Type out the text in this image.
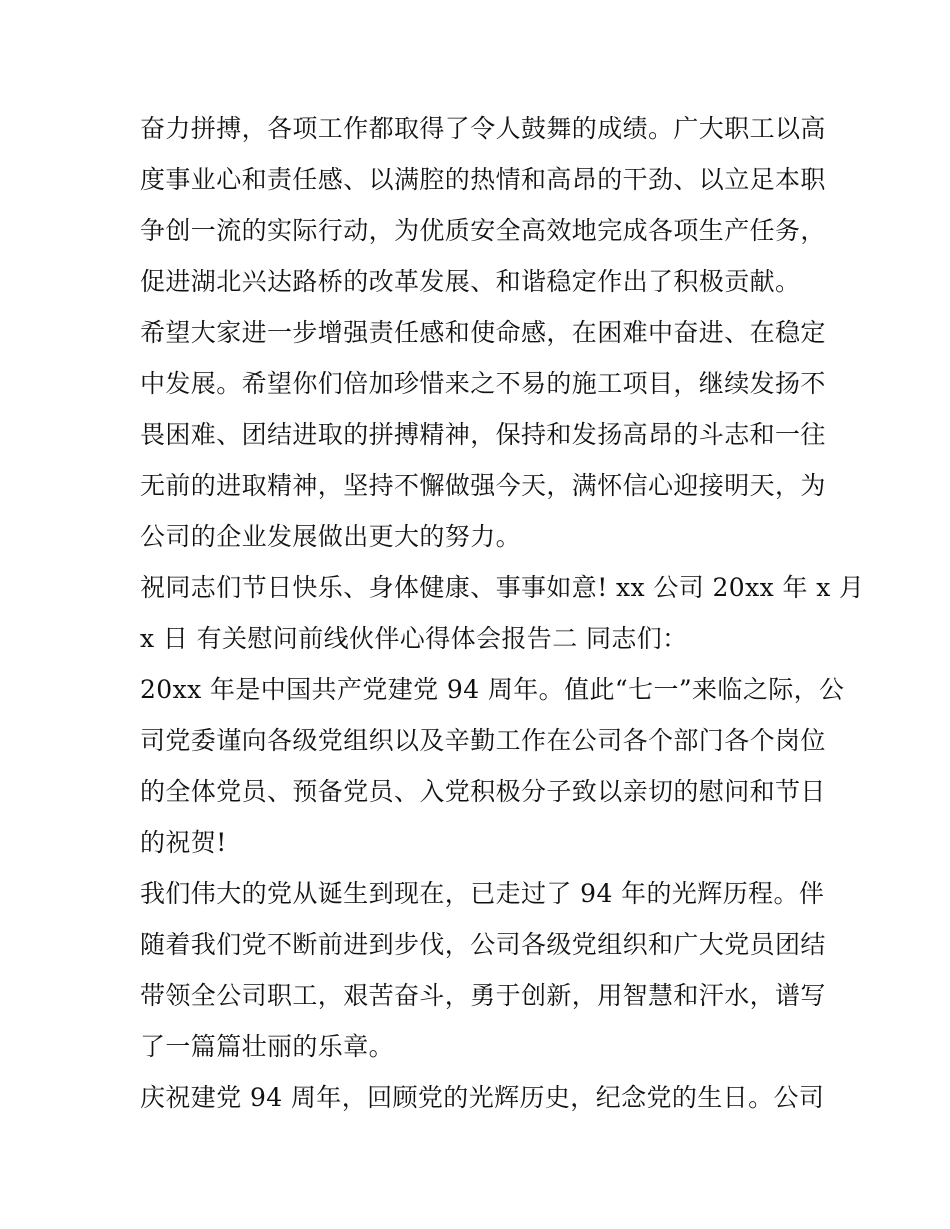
奋力拼搏，各项工作都取得了令人鼓舞的成绩。广大职工以高
度事业心和责任感、以满腔的热情和高昂的干劲、以立足本职
争创一流的实际行动，为优质安全高效地完成各项生产任务，
促进湖北兴达路桥的改革发展、和谐稳定作出了积极贡献。
希望大家进一步增强责任感和使命感，在困难中奋进、在稳定
中发展。希望你们倍加珍惜来之不易的施工项目，继续发扬不
畏困难、团结进取的拼搏精神，保持和发扬高昂的斗志和一往
无前的进取精神，坚持不懈做强今天，满怀信心迎接明天，为
公司的企业发展做出更大的努力。
祝同志们节日快乐、身体健康、事事如意! xx 公司 20xx 年 x 月
x 日 有关慰问前线伙伴心得体会报告二 同志们：
20xx 年是中国共产党建党 94 周年。值此“七一”来临之际，公
司党委谨向各级党组织以及辛勤工作在公司各个部门各个岗位
的全体党员、预备党员、入党积极分子致以亲切的慰问和节日
的祝贺!
我们伟大的党从诞生到现在，已走过了 94 年的光辉历程。伴
随着我们党不断前进到步伐，公司各级党组织和广大党员团结
带领全公司职工，艰苦奋斗，勇于创新，用智慧和汗水，谱写
了一篇篇壮丽的乐章。
庆祝建党 94 周年，回顾党的光辉历史，纪念党的生日。公司
